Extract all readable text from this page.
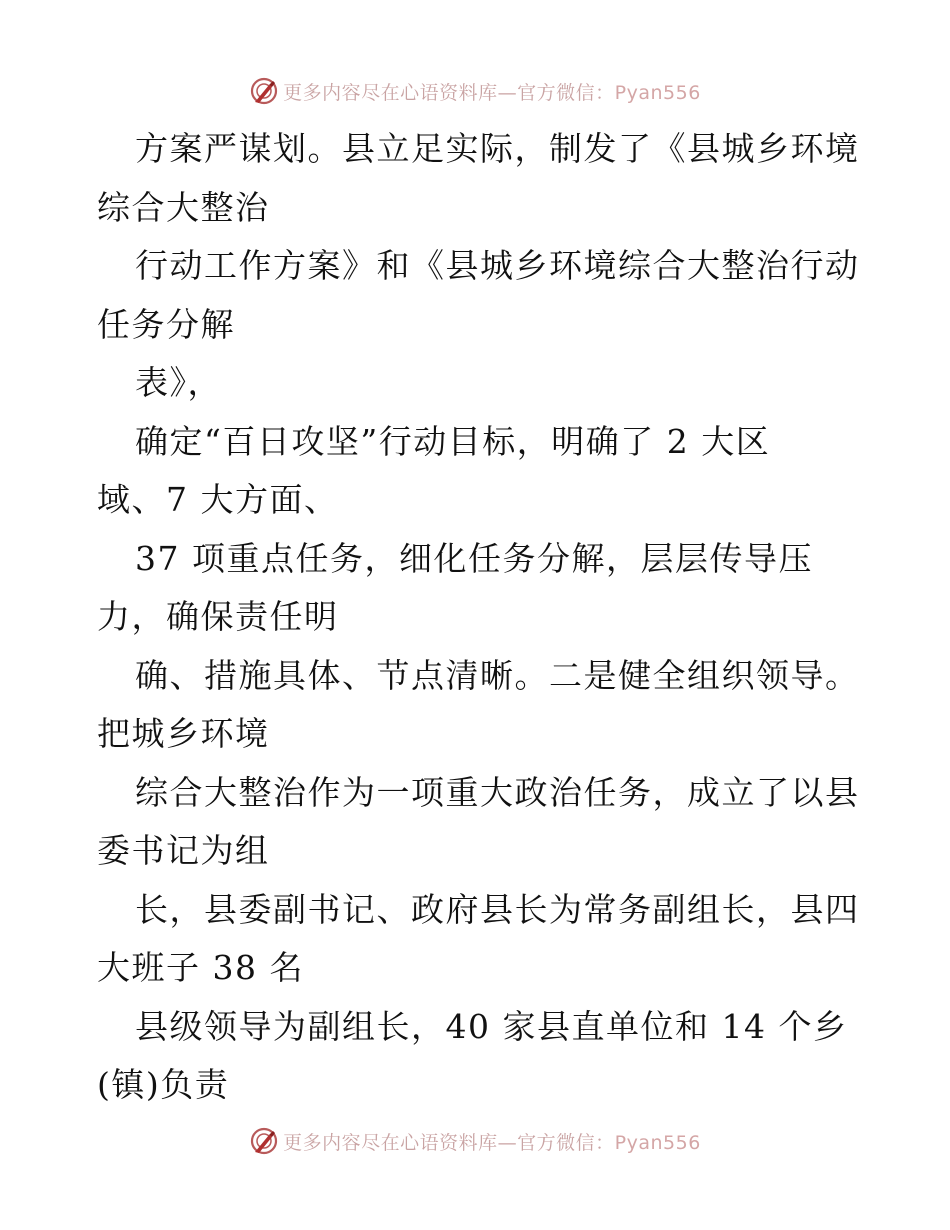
更多内容尽在心语资料库—官方微信：Pyan556
方案严谋划。县立足实际，制发了《县城乡环境
综合大整治
行动工作方案》和《县城乡环境综合大整治行动
任务分解
表》，
确定“百日攻坚”行动目标，明确了 2 大区
域、7 大方面、
37 项重点任务，细化任务分解，层层传导压
力，确保责任明
确、措施具体、节点清晰。二是健全组织领导。
把城乡环境
综合大整治作为一项重大政治任务，成立了以县
委书记为组
长，县委副书记、政府县长为常务副组长，县四
大班子 38 名
县级领导为副组长，40 家县直单位和 14 个乡
(镇)负责
更多内容尽在心语资料库—官方微信：Pyan556
